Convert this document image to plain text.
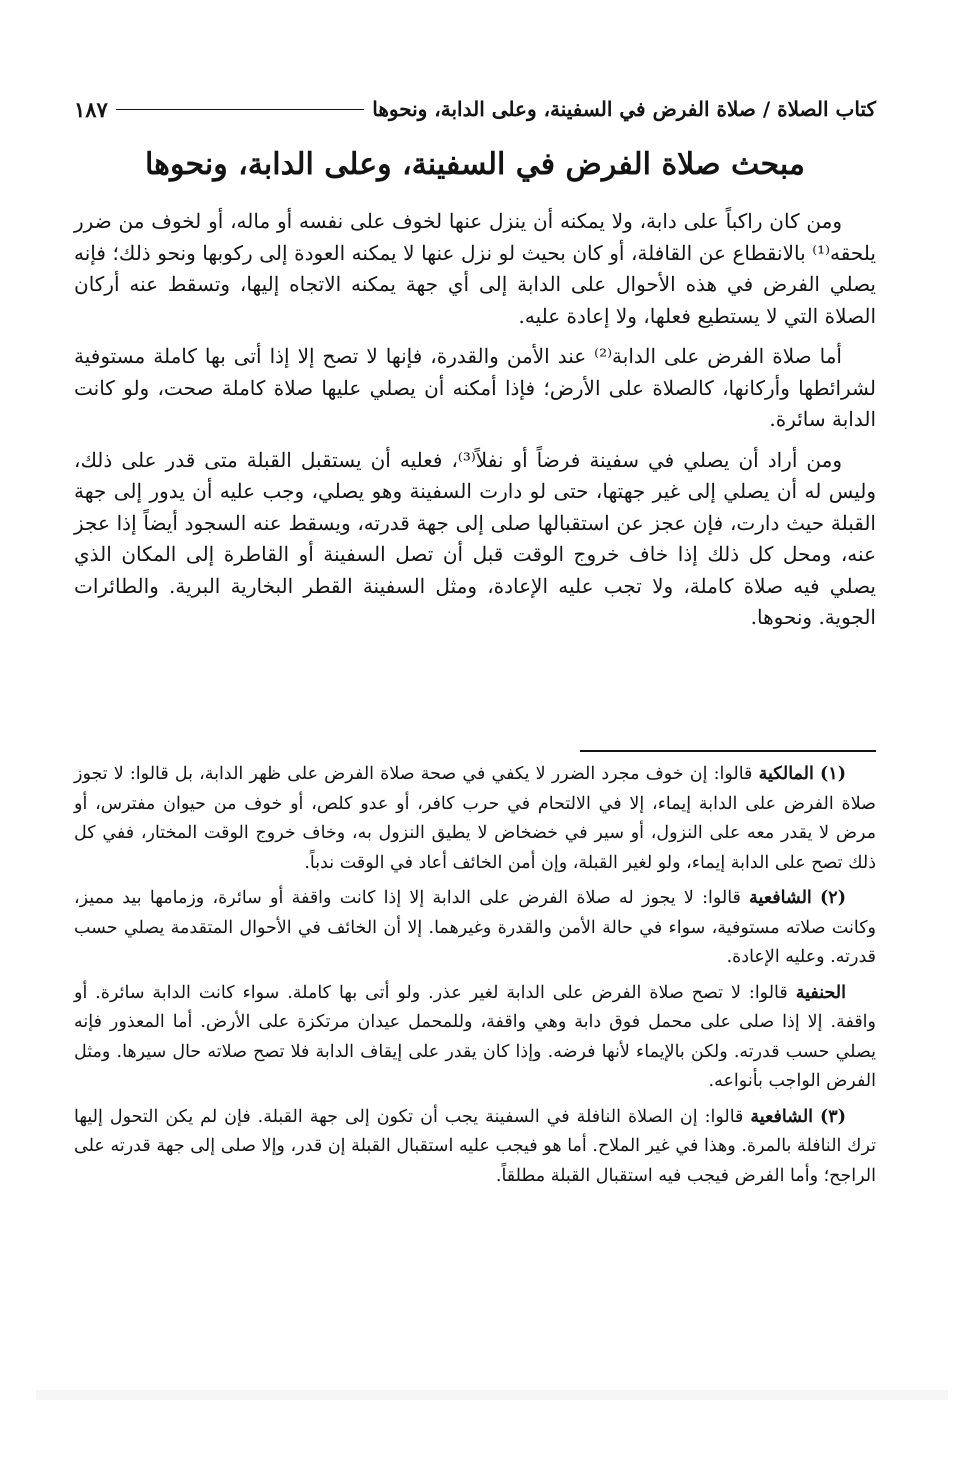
كتاب الصلاة / صلاة الفرض في السفينة، وعلى الدابة، ونحوها
١٨٧
مبحث صلاة الفرض في السفينة، وعلى الدابة، ونحوها

ومن كان راكباً على دابة، ولا يمكنه أن ينزل عنها لخوف على نفسه أو ماله، أو لخوف من ضرر يلحقه⁽¹⁾ بالانقطاع عن القافلة، أو كان بحيث لو نزل عنها لا يمكنه العودة إلى ركوبها ونحو ذلك؛ فإنه يصلي الفرض في هذه الأحوال على الدابة إلى أي جهة يمكنه الاتجاه إليها، وتسقط عنه أركان الصلاة التي لا يستطيع فعلها، ولا إعادة عليه.

أما صلاة الفرض على الدابة⁽²⁾ عند الأمن والقدرة، فإنها لا تصح إلا إذا أتى بها كاملة مستوفية لشرائطها وأركانها، كالصلاة على الأرض؛ فإذا أمكنه أن يصلي عليها صلاة كاملة صحت، ولو كانت الدابة سائرة.

ومن أراد أن يصلي في سفينة فرضاً أو نفلاً⁽³⁾، فعليه أن يستقبل القبلة متى قدر على ذلك، وليس له أن يصلي إلى غير جهتها، حتى لو دارت السفينة وهو يصلي، وجب عليه أن يدور إلى جهة القبلة حيث دارت، فإن عجز عن استقبالها صلى إلى جهة قدرته، ويسقط عنه السجود أيضاً إذا عجز عنه، ومحل كل ذلك إذا خاف خروج الوقت قبل أن تصل السفينة أو القاطرة إلى المكان الذي يصلي فيه صلاة كاملة، ولا تجب عليه الإعادة، ومثل السفينة القطر البخارية البرية. والطائرات الجوية. ونحوها.

(١) المالكية قالوا: إن خوف مجرد الضرر لا يكفي في صحة صلاة الفرض على ظهر الدابة، بل قالوا: لا تجوز صلاة الفرض على الدابة إيماء، إلا في الالتحام في حرب كافر، أو عدو كلص، أو خوف من حيوان مفترس، أو مرض لا يقدر معه على النزول، أو سير في خضخاض لا يطيق النزول به، وخاف خروج الوقت المختار، ففي كل ذلك تصح على الدابة إيماء، ولو لغير القبلة، وإن أمن الخائف أعاد في الوقت ندباً.

(٢) الشافعية قالوا: لا يجوز له صلاة الفرض على الدابة إلا إذا كانت واقفة أو سائرة، وزمامها بيد مميز، وكانت صلاته مستوفية، سواء في حالة الأمن والقدرة وغيرهما. إلا أن الخائف في الأحوال المتقدمة يصلي حسب قدرته. وعليه الإعادة.

الحنفية قالوا: لا تصح صلاة الفرض على الدابة لغير عذر. ولو أتى بها كاملة. سواء كانت الدابة سائرة. أو واقفة. إلا إذا صلى على محمل فوق دابة وهي واقفة، وللمحمل عيدان مرتكزة على الأرض. أما المعذور فإنه يصلي حسب قدرته. ولكن بالإيماء لأنها فرضه. وإذا كان يقدر على إيقاف الدابة فلا تصح صلاته حال سيرها. ومثل الفرض الواجب بأنواعه.

(٣) الشافعية قالوا: إن الصلاة النافلة في السفينة يجب أن تكون إلى جهة القبلة. فإن لم يكن التحول إليها ترك النافلة بالمرة. وهذا في غير الملاح. أما هو فيجب عليه استقبال القبلة إن قدر، وإلا صلى إلى جهة قدرته على الراجح؛ وأما الفرض فيجب فيه استقبال القبلة مطلقاً.
